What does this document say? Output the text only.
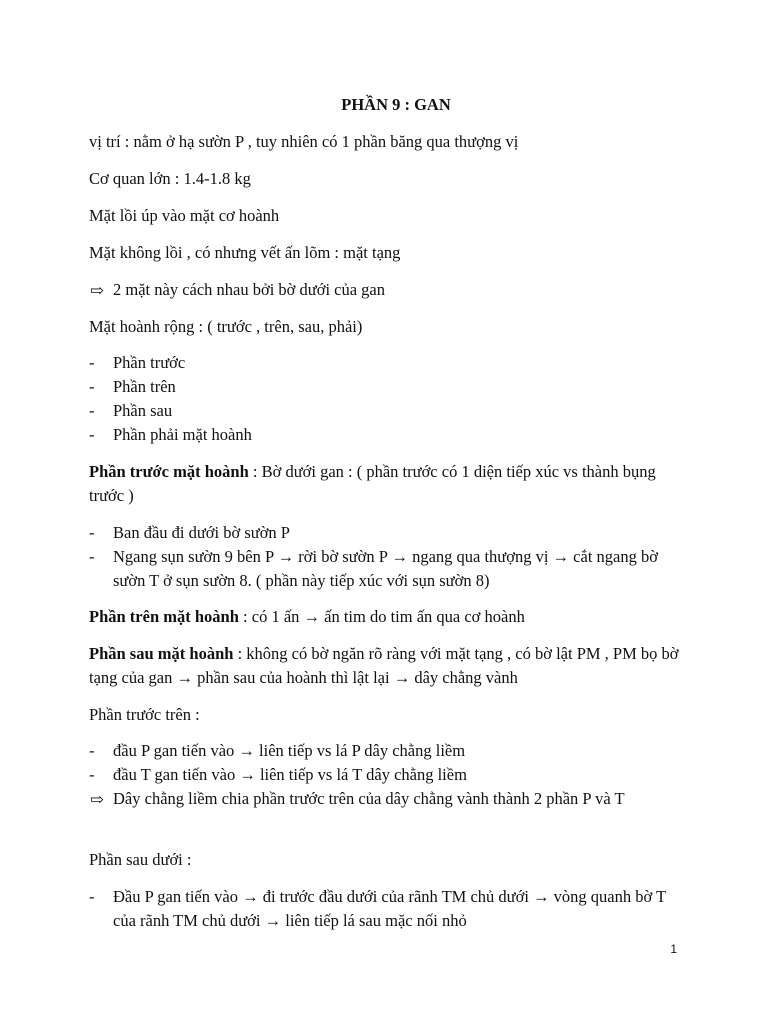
PHẦN 9 : GAN

vị trí : nằm ở hạ sườn P , tuy nhiên có 1 phần băng qua thượng vị

Cơ quan lớn : 1.4-1.8 kg

Mặt lồi úp vào mặt cơ hoành

Mặt không lồi , có nhưng vết ấn lõm : mặt tạng

⇨ 2 mặt này cách nhau bởi bờ dưới của gan

Mặt hoành rộng : ( trước , trên, sau, phải)

-	Phần trước
-	Phần trên
-	Phần sau
-	Phần phải mặt hoành

Phần trước mặt hoành : Bờ dưới gan : ( phần trước có 1 diện tiếp xúc vs thành bụng trước )

-	Ban đầu đi dưới bờ sườn P
-	Ngang sụn sườn 9 bên P → rời bờ sườn P → ngang qua thượng vị → cắt ngang bờ sườn T ở sụn sườn 8. ( phần này tiếp xúc với sụn sườn 8)

Phần trên mặt hoành : có 1 ấn → ấn tim do tim ấn qua cơ hoành

Phần sau mặt hoành : không có bờ ngăn rõ ràng với mặt tạng , có bờ lật PM , PM bọ bờ tạng của gan → phần sau của hoành thì lật lại → dây chằng vành

Phần trước trên :

-	đầu P gan tiến vào → liên tiếp vs lá P dây chằng liềm
-	đầu T gan tiến vào → liên tiếp vs lá T dây chằng liềm
⇨ Dây chằng liềm chia phần trước trên của dây chằng vành thành 2 phần P và T

Phần sau dưới :

-	Đầu P gan tiến vào → đi trước đầu dưới của rãnh TM chủ dưới → vòng quanh bờ T của rãnh TM chủ dưới → liên tiếp lá sau mặc nối nhỏ
1
